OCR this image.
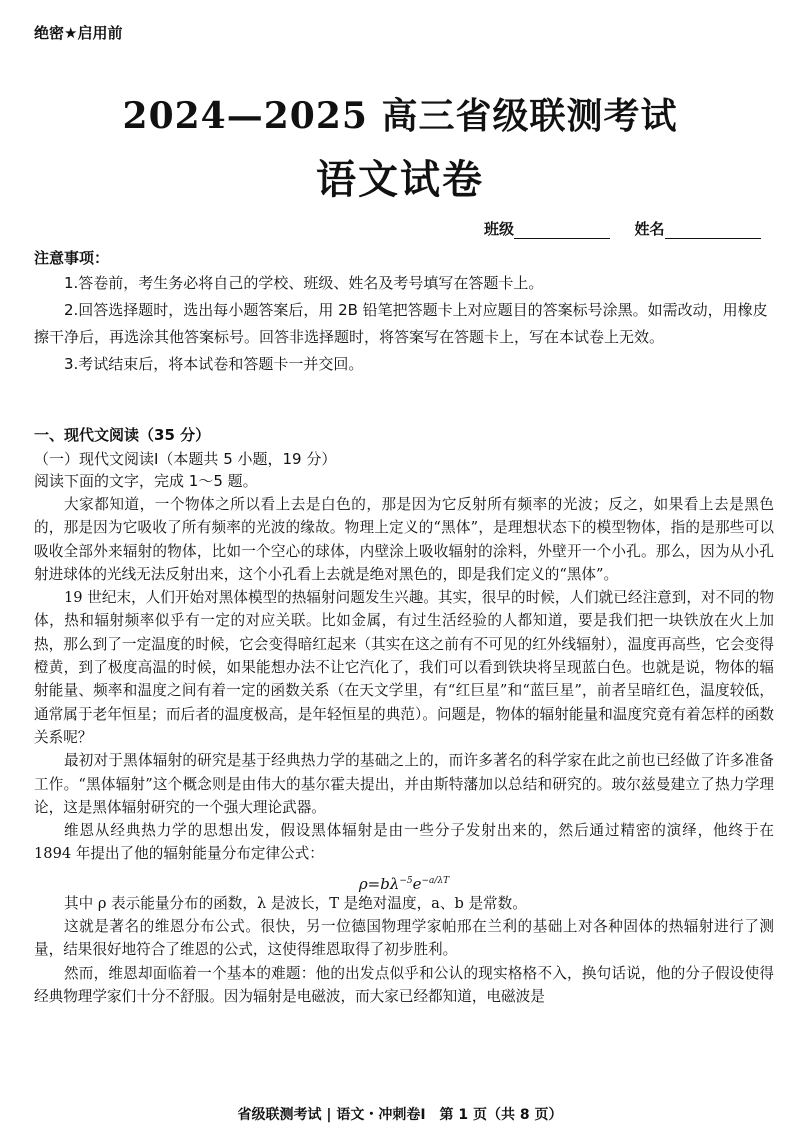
绝密★启用前
2024—2025 高三省级联测考试
语文试卷
班级	姓名
注意事项：

1.答卷前，考生务必将自己的学校、班级、姓名及考号填写在答题卡上。

2.回答选择题时，选出每小题答案后，用 2B 铅笔把答题卡上对应题目的答案标号涂黑。如需改动，用橡皮擦干净后，再选涂其他答案标号。回答非选择题时，将答案写在答题卡上，写在本试卷上无效。

3.考试结束后，将本试卷和答题卡一并交回。

一、现代文阅读（35 分）
（一）现代文阅读Ⅰ（本题共 5 小题，19 分）
阅读下面的文字，完成 1～5 题。

大家都知道，一个物体之所以看上去是白色的，那是因为它反射所有频率的光波；反之，如果看上去是黑色的，那是因为它吸收了所有频率的光波的缘故。物理上定义的“黑体”，是理想状态下的模型物体，指的是那些可以吸收全部外来辐射的物体，比如一个空心的球体，内壁涂上吸收辐射的涂料，外壁开一个小孔。那么，因为从小孔射进球体的光线无法反射出来，这个小孔看上去就是绝对黑色的，即是我们定义的“黑体”。

19 世纪末，人们开始对黑体模型的热辐射问题发生兴趣。其实，很早的时候，人们就已经注意到，对不同的物体，热和辐射频率似乎有一定的对应关联。比如金属，有过生活经验的人都知道，要是我们把一块铁放在火上加热，那么到了一定温度的时候，它会变得暗红起来（其实在这之前有不可见的红外线辐射），温度再高些，它会变得橙黄，到了极度高温的时候，如果能想办法不让它汽化了，我们可以看到铁块将呈现蓝白色。也就是说，物体的辐射能量、频率和温度之间有着一定的函数关系（在天文学里，有“红巨星”和“蓝巨星”，前者呈暗红色，温度较低，通常属于老年恒星；而后者的温度极高，是年轻恒星的典范）。问题是，物体的辐射能量和温度究竟有着怎样的函数关系呢？

最初对于黑体辐射的研究是基于经典热力学的基础之上的，而许多著名的科学家在此之前也已经做了许多准备工作。“黑体辐射”这个概念则是由伟大的基尔霍夫提出，并由斯特藩加以总结和研究的。玻尔兹曼建立了热力学理论，这是黑体辐射研究的一个强大理论武器。

维恩从经典热力学的思想出发，假设黑体辐射是由一些分子发射出来的，然后通过精密的演绎，他终于在 1894 年提出了他的辐射能量分布定律公式：

$\rho=b\lambda^{-5}e^{-a/\lambda T}$

其中 ρ 表示能量分布的函数，λ 是波长，T 是绝对温度，a、b 是常数。

这就是著名的维恩分布公式。很快，另一位德国物理学家帕邢在兰利的基础上对各种固体的热辐射进行了测量，结果很好地符合了维恩的公式，这使得维恩取得了初步胜利。

然而，维恩却面临着一个基本的难题：他的出发点似乎和公认的现实格格不入，换句话说，他的分子假设使得经典物理学家们十分不舒服。因为辐射是电磁波，而大家已经都知道，电磁波是

省级联测考试 | 语文・冲刺卷Ⅰ　第 1 页（共 8 页）
